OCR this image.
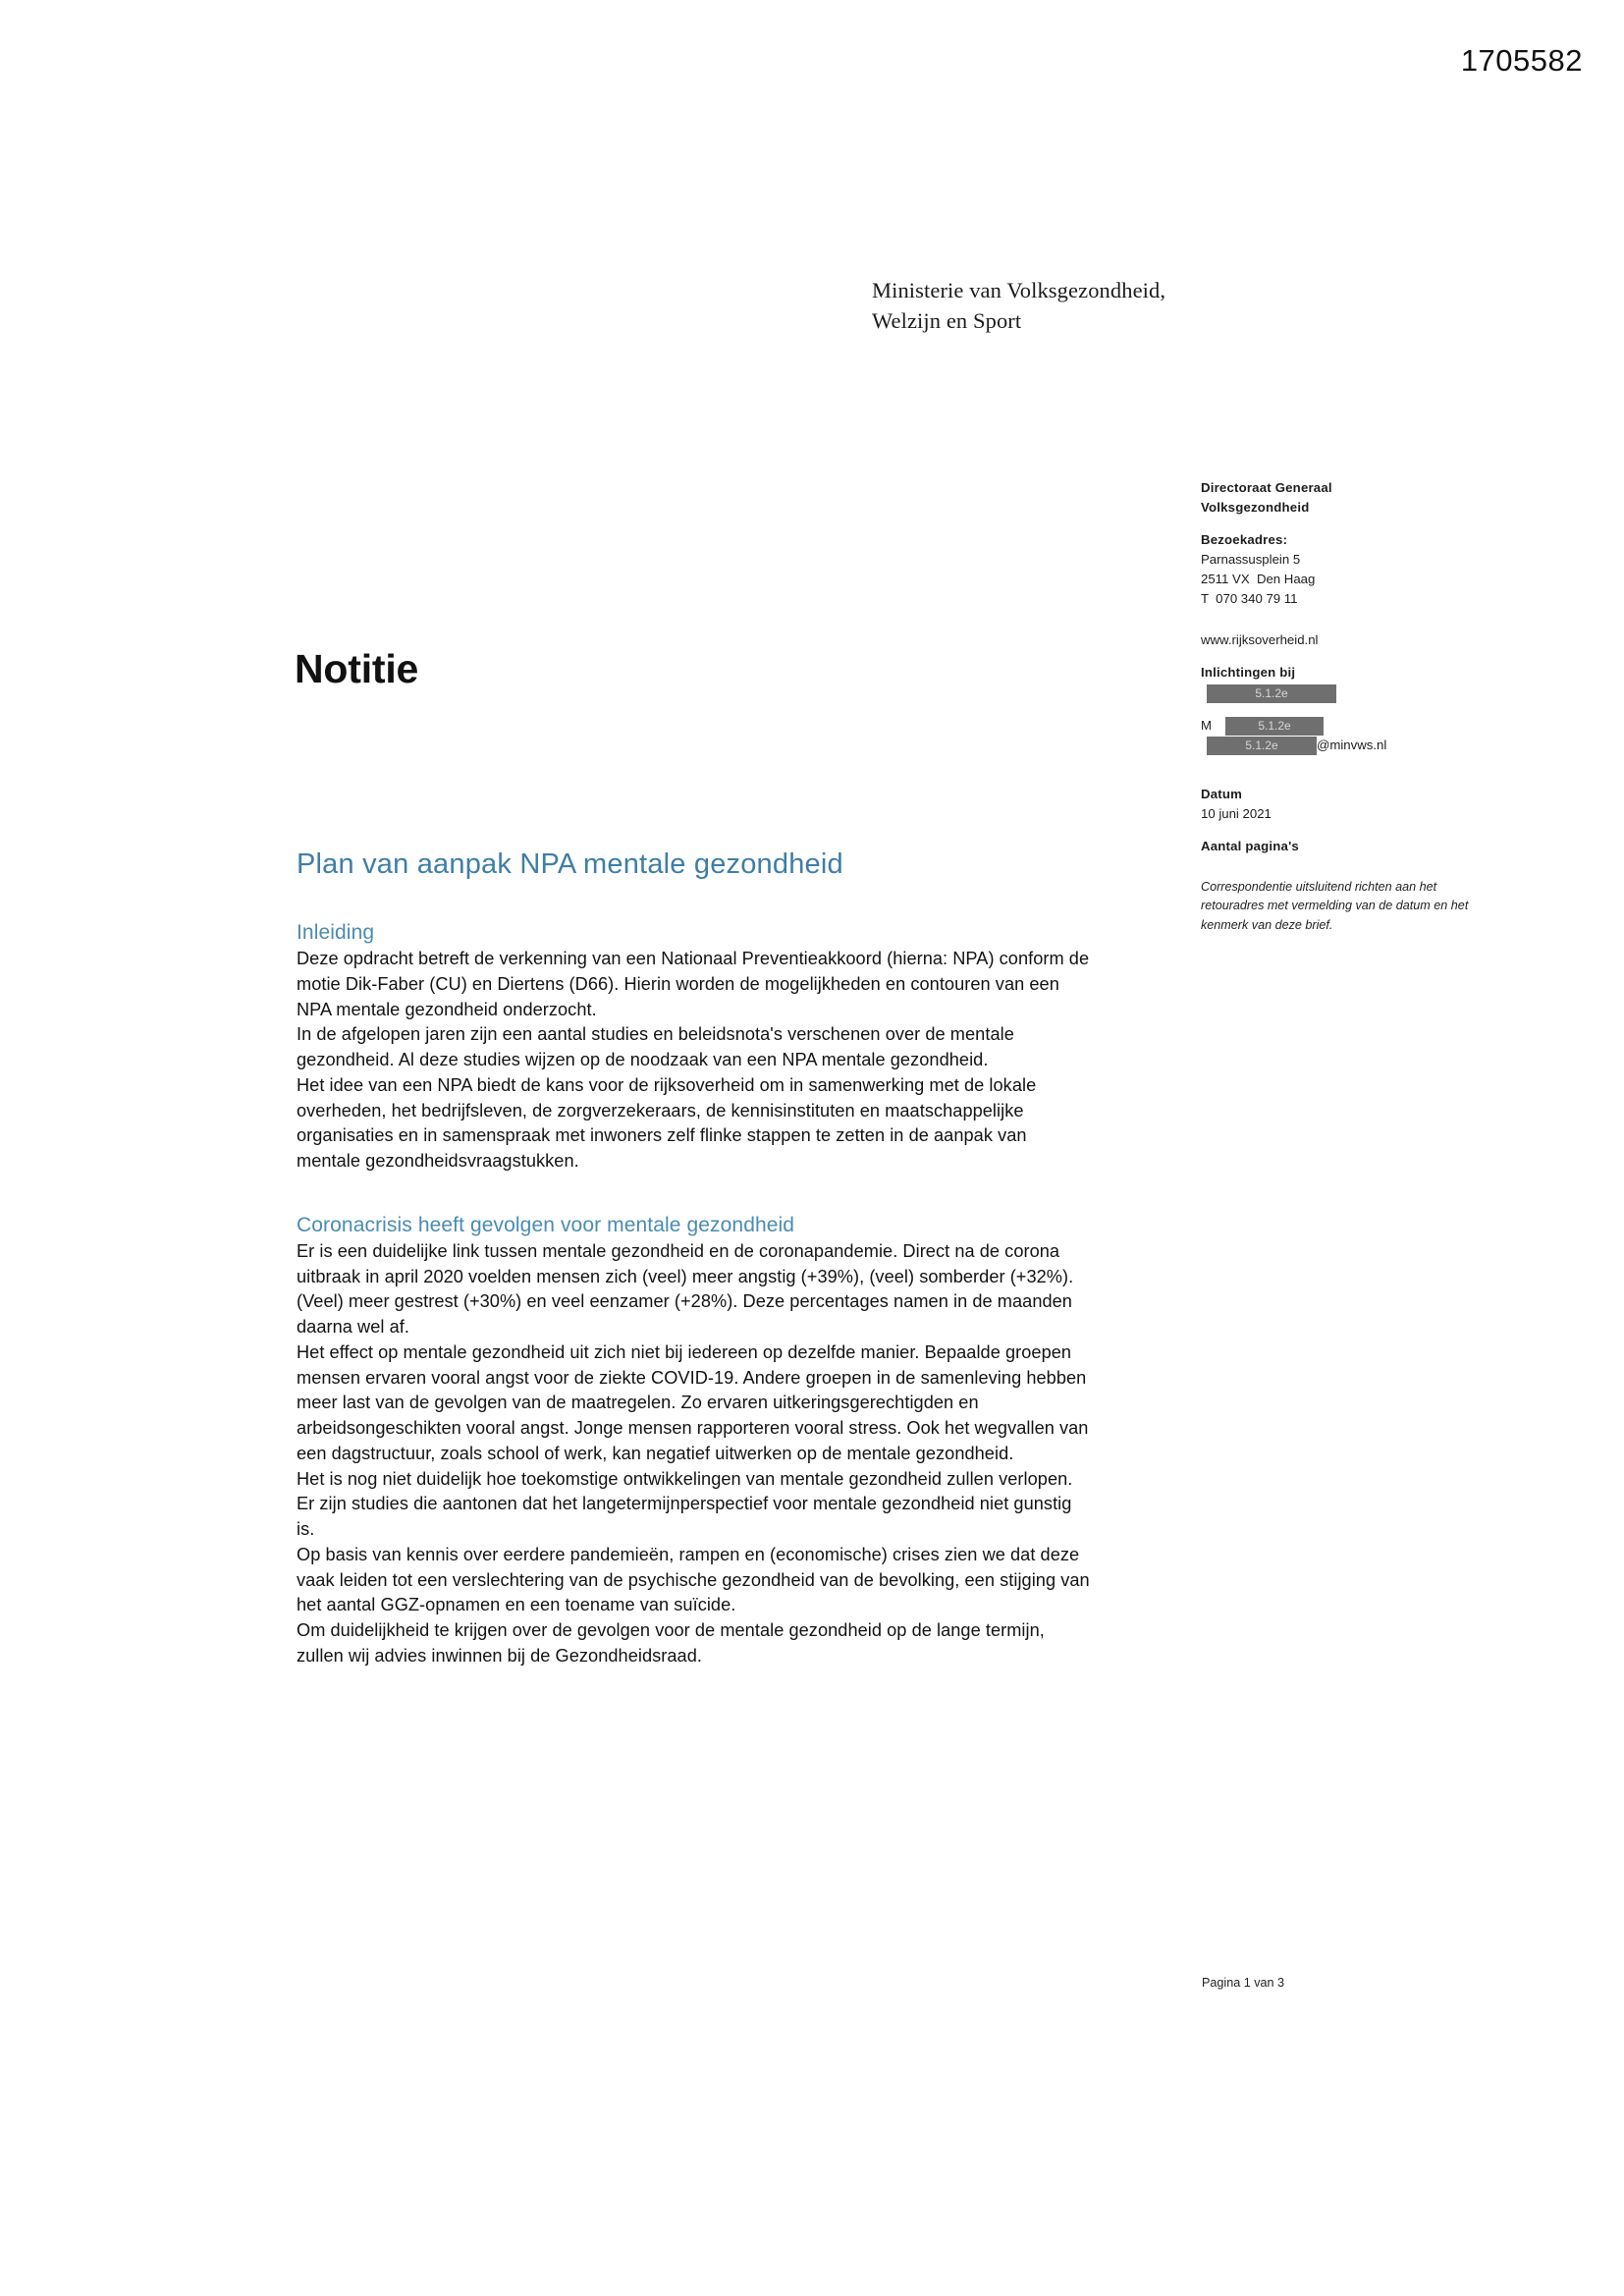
1705582
Ministerie van Volksgezondheid,
Welzijn en Sport
Directoraat Generaal
Volksgezondheid
Bezoekadres:
Parnassusplein 5
2511 VX  Den Haag
T  070 340 79 11
www.rijksoverheid.nl
Inlichtingen bij
5.1.2e
M	5.1.2e
5.1.2e	@minvws.nl
Datum
10 juni 2021
Aantal pagina's
Correspondentie uitsluitend richten aan het retouradres met vermelding van de datum en het kenmerk van deze brief.
Notitie
Plan van aanpak NPA mentale gezondheid
Inleiding

Deze opdracht betreft de verkenning van een Nationaal Preventieakkoord (hierna: NPA) conform de motie Dik-Faber (CU) en Diertens (D66). Hierin worden de mogelijkheden en contouren van een NPA mentale gezondheid onderzocht.

In de afgelopen jaren zijn een aantal studies en beleidsnota's verschenen over de mentale gezondheid. Al deze studies wijzen op de noodzaak van een NPA mentale gezondheid.

Het idee van een NPA biedt de kans voor de rijksoverheid om in samenwerking met de lokale overheden, het bedrijfsleven, de zorgverzekeraars, de kennisinstituten en maatschappelijke organisaties en in samenspraak met inwoners zelf flinke stappen te zetten in de aanpak van mentale gezondheidsvraagstukken.

Coronacrisis heeft gevolgen voor mentale gezondheid

Er is een duidelijke link tussen mentale gezondheid en de coronapandemie. Direct na de corona uitbraak in april 2020 voelden mensen zich (veel) meer angstig (+39%), (veel) somberder (+32%). (Veel) meer gestrest (+30%) en veel eenzamer (+28%). Deze percentages namen in de maanden daarna wel af.

Het effect op mentale gezondheid uit zich niet bij iedereen op dezelfde manier. Bepaalde groepen mensen ervaren vooral angst voor de ziekte COVID-19. Andere groepen in de samenleving hebben meer last van de gevolgen van de maatregelen. Zo ervaren uitkeringsgerechtigden en arbeidsongeschikten vooral angst. Jonge mensen rapporteren vooral stress. Ook het wegvallen van een dagstructuur, zoals school of werk, kan negatief uitwerken op de mentale gezondheid.

Het is nog niet duidelijk hoe toekomstige ontwikkelingen van mentale gezondheid zullen verlopen. Er zijn studies die aantonen dat het langetermijnperspectief voor mentale gezondheid niet gunstig is.

Op basis van kennis over eerdere pandemieën, rampen en (economische) crises zien we dat deze vaak leiden tot een verslechtering van de psychische gezondheid van de bevolking, een stijging van het aantal GGZ-opnamen en een toename van suïcide.

Om duidelijkheid te krijgen over de gevolgen voor de mentale gezondheid op de lange termijn, zullen wij advies inwinnen bij de Gezondheidsraad.

Pagina 1 van 3
